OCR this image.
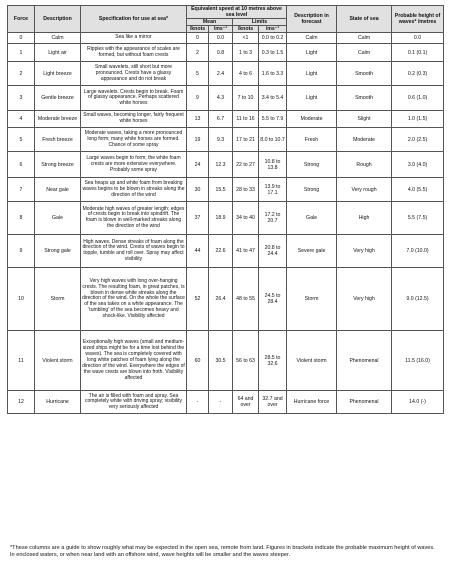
Force	Description	Specification for use at sea*	Equivalent speed at 10 metres above sea level				Description in forecast	State of sea	Probable height of waves* /metres
			Mean		Limits				
			/knots	/ms⁻¹	/knots	/ms⁻¹			
0	Calm	Sea like a mirror	0	0.0	<1	0.0 to 0.2	Calm	Calm	0.0
1	Light air	Ripples with the appearance of scales are formed, but without foam crests	2	0.8	1 to 3	0.3 to 1.5	Light	Calm	0.1 (0.1)
2	Light breeze	Small wavelets, still short but more pronounced. Crests have a glassy appearance and do not break	5	2.4	4 to 6	1.6 to 3.3	Light	Smooth	0.2 (0.3)
3	Gentle breeze	Large wavelets. Crests begin to break. Foam of glassy appearance. Perhaps scattered white horses	9	4.3	7 to 10	3.4 to 5.4	Light	Smooth	0.6 (1.0)
4	Moderate breeze	Small waves, becoming longer, fairly frequent white horses	13	6.7	11 to 16	5.5 to 7.9	Moderate	Slight	1.0 (1.5)
5	Fresh breeze	Moderate waves, taking a more pronounced long form; many white horses are formed. Chance of some spray	19	9.3	17 to 21	8.0 to 10.7	Fresh	Moderate	2.0 (2.5)
6	Strong breeze	Large waves begin to form; the white foam crests are more extensive everywhere. Probably some spray	24	12.3	22 to 27	10.8 to 13.8	Strong	Rough	3.0 (4.0)
7	Near gale	Sea heaps up and white foam from breaking waves begins to be blown in streaks along the direction of the wind	30	15.5	28 to 33	13.9 to 17.1	Strong	Very rough	4.0 (5.5)
8	Gale	Moderate high waves of greater length; edges of crests begin to break into spindrift. The foam is blown in well-marked streaks along the direction of the wind	37	18.9	34 to 40	17.2 to 20.7	Gale	High	5.5 (7.5)
9	Strong gale	High waves. Dense streaks of foam along the direction of the wind. Crests of waves begin to topple, tumble and roll over. Spray may affect visibility	44	22.6	41 to 47	20.8 to 24.4	Severe gale	Very high	7.0 (10.0)
10	Storm	Very high waves with long over-hanging crests. The resulting foam, in great patches, is blown in dense white streaks along the direction of the wind. On the whole the surface of the sea takes on a white appearance. The 'tumbling' of the sea becomes heavy and shock-like. Visibility affected	52	26.4	48 to 55	24.5 to 28.4	Storm	Very high	9.0 (12.5)
11	Violent storm	Exceptionally high waves (small and medium-sized ships might be for a time lost behind the waves). The sea is completely covered with long white patches of foam lying along the direction of the wind. Everywhere the edges of the wave crests are blown into froth. Visibility affected	60	30.5	56 to 63	28.5 to 32.6	Violent storm	Phenomenal	11.5 (16.0)
12	Hurricane	The air is filled with foam and spray. Sea completely white with driving spray; visibility very seriously affected	-	-	64 and over	32.7 and over	Hurricane force	Phenomenal	14.0 (-)
*These columns are a guide to show roughly what may be expected in the open sea, remote from land. Figures in brackets indicate the probable maximum height of waves. In enclosed waters, or when near land with an offshore wind, wave heights will be smaller and the waves steeper.
